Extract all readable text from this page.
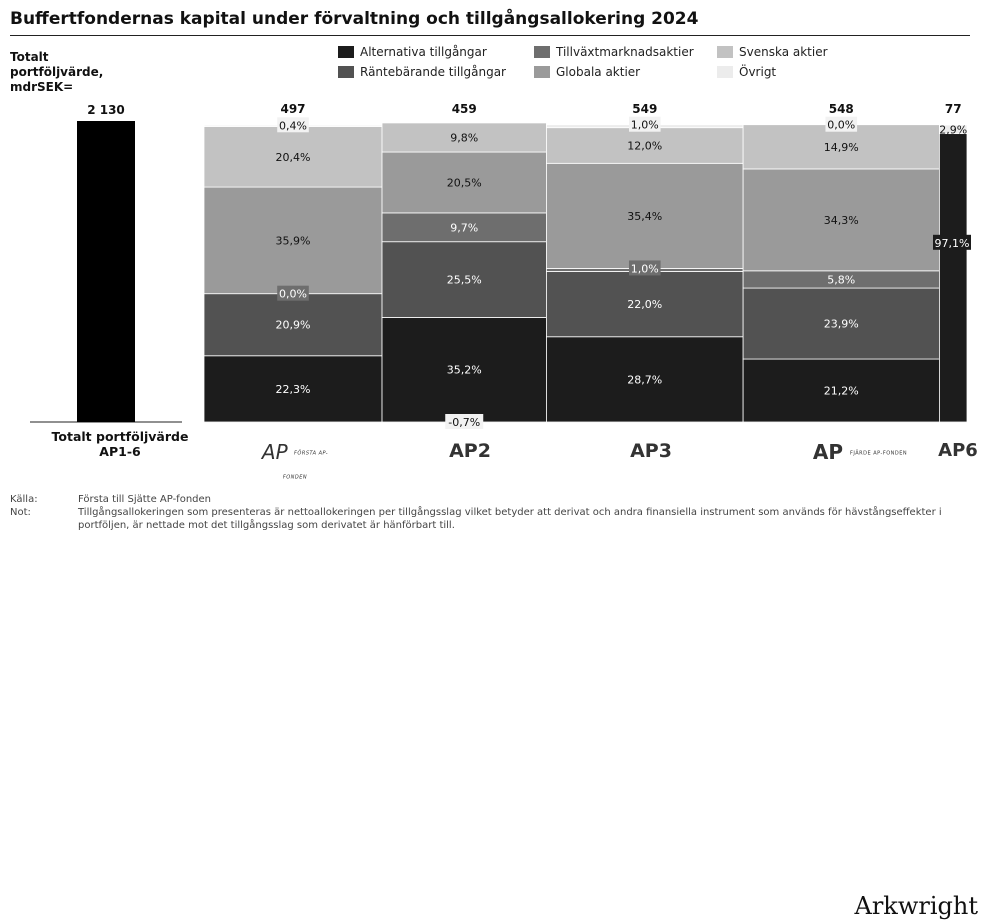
Buffertfondernas kapital under förvaltning och tillgångsallokering 2024
Totalt
portföljvärde,
mdrSEK=
Alternativa tillgångar	Tillväxtmarknadsaktier	Svenska aktier
Räntebärande tillgångar	Globala aktier	Övrigt
2 130
22,3%
20,9%
0,0%
35,9%
20,4%
0,4%
497
35,2%
25,5%
9,7%
20,5%
9,8%
-0,7%
459
28,7%
22,0%
1,0%
35,4%
12,0%
1,0%
549
21,2%
23,9%
5,8%
34,3%
14,9%
0,0%
548
97,1%
2,9%
77
Totalt portföljvärde
AP1-6	AP FÖRSTA AP-FONDEN
AP2	AP3	AP FJÄRDE AP-FONDEN	AP6
Källa:	Första till Sjätte AP-fonden
Not:	Tillgångsallokeringen som presenteras är nettoallokeringen per tillgångsslag vilket betyder att derivat och andra finansiella instrument som används för hävstångseffekter i portföljen, är nettade mot det tillgångsslag som derivatet är hänförbart till.
Arkwright
